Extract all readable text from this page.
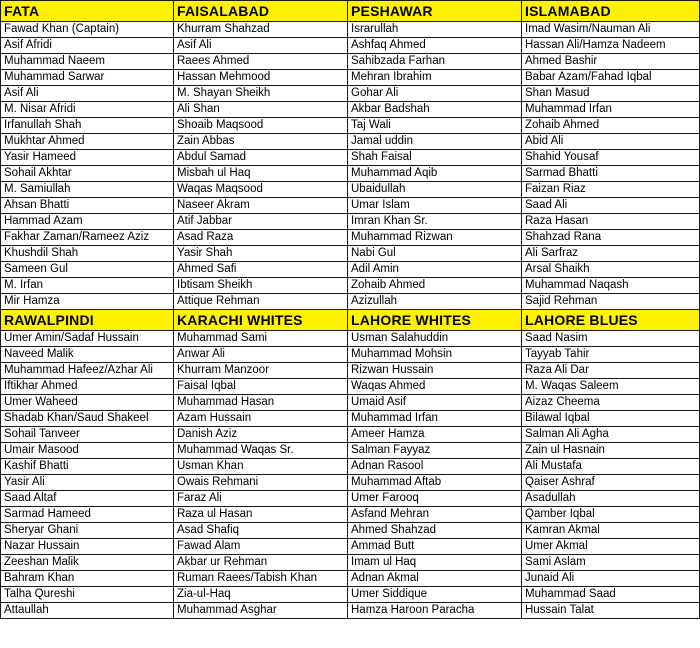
FATA	FAISALABAD	PESHAWAR	ISLAMABAD
Fawad Khan (Captain)	Khurram Shahzad	Israrullah	Imad Wasim/Nauman Ali
Asif Afridi	Asif Ali	Ashfaq Ahmed	Hassan Ali/Hamza Nadeem
Muhammad Naeem	Raees Ahmed	Sahibzada Farhan	Ahmed Bashir
Muhammad Sarwar	Hassan Mehmood	Mehran Ibrahim	Babar Azam/Fahad Iqbal
Asif Ali	M. Shayan Sheikh	Gohar Ali	Shan Masud
M. Nisar Afridi	Ali Shan	Akbar Badshah	Muhammad Irfan
Irfanullah Shah	Shoaib Maqsood	Taj Wali	Zohaib Ahmed
Mukhtar Ahmed	Zain Abbas	Jamal uddin	Abid Ali
Yasir Hameed	Abdul Samad	Shah Faisal	Shahid Yousaf
Sohail Akhtar	Misbah ul Haq	Muhammad Aqib	Sarmad Bhatti
M. Samiullah	Waqas Maqsood	Ubaidullah	Faizan Riaz
Ahsan Bhatti	Naseer Akram	Umar Islam	Saad Ali
Hammad Azam	Atif Jabbar	Imran Khan Sr.	Raza Hasan
Fakhar Zaman/Rameez Aziz	Asad Raza	Muhammad Rizwan	Shahzad Rana
Khushdil Shah	Yasir Shah	Nabi Gul	Ali Sarfraz
Sameen Gul	Ahmed Safi	Adil Amin	Arsal Shaikh
M. Irfan	Ibtisam Sheikh	Zohaib Ahmed	Muhammad Naqash
Mir Hamza	Attique Rehman	Azizullah	Sajid Rehman
RAWALPINDI	KARACHI WHITES	LAHORE WHITES	LAHORE BLUES
Umer Amin/Sadaf Hussain	Muhammad Sami	Usman Salahuddin	Saad Nasim
Naveed Malik	Anwar Ali	Muhammad Mohsin	Tayyab Tahir
Muhammad Hafeez/Azhar Ali	Khurram Manzoor	Rizwan Hussain	Raza Ali Dar
Iftikhar Ahmed	Faisal Iqbal	Waqas Ahmed	M. Waqas Saleem
Umer Waheed	Muhammad Hasan	Umaid Asif	Aizaz Cheema
Shadab Khan/Saud Shakeel	Azam Hussain	Muhammad Irfan	Bilawal Iqbal
Sohail Tanveer	Danish Aziz	Ameer Hamza	Salman Ali Agha
Umair Masood	Muhammad Waqas Sr.	Salman Fayyaz	Zain ul Hasnain
Kashif Bhatti	Usman Khan	Adnan Rasool	Ali Mustafa
Yasir Ali	Owais Rehmani	Muhammad Aftab	Qaiser Ashraf
Saad Altaf	Faraz Ali	Umer Farooq	Asadullah
Sarmad Hameed	Raza ul Hasan	Asfand Mehran	Qamber Iqbal
Sheryar Ghani	Asad Shafiq	Ahmed Shahzad	Kamran Akmal
Nazar Hussain	Fawad Alam	Ammad Butt	Umer Akmal
Zeeshan Malik	Akbar ur Rehman	Imam ul Haq	Sami Aslam
Bahram Khan	Ruman Raees/Tabish Khan	Adnan Akmal	Junaid Ali
Talha Qureshi	Zia-ul-Haq	Umer Siddique	Muhammad Saad
Attaullah	Muhammad Asghar	Hamza Haroon Paracha	Hussain Talat
